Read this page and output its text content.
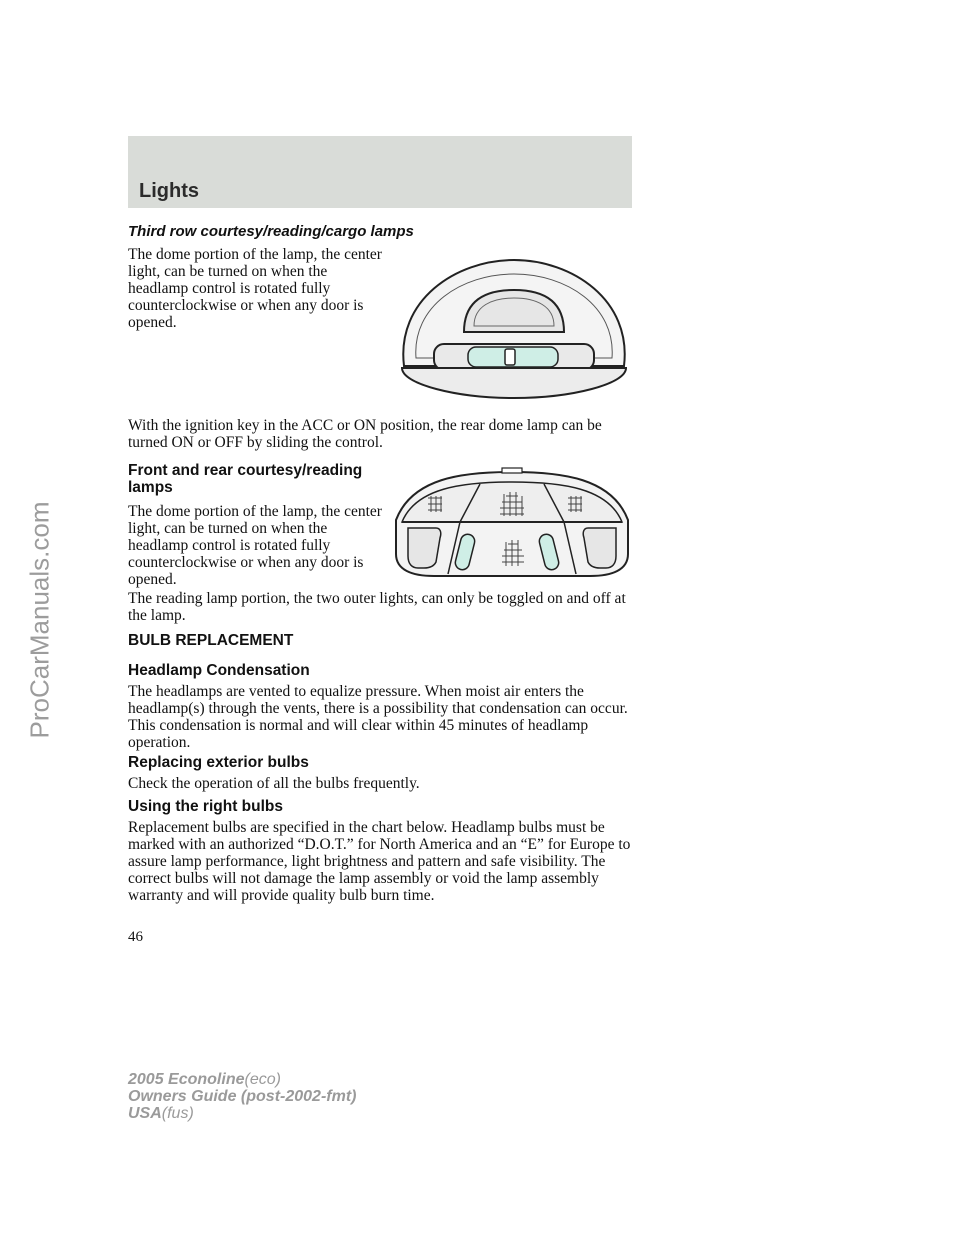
Lights
Third row courtesy/reading/cargo lamps

The dome portion of the lamp, the center light, can be turned on when the headlamp control is rotated fully counterclockwise or when any door is opened.

With the ignition key in the ACC or ON position, the rear dome lamp can be turned ON or OFF by sliding the control.

Front and rear courtesy/reading lamps

The dome portion of the lamp, the center light, can be turned on when the headlamp control is rotated fully counterclockwise or when any door is opened.

The reading lamp portion, the two outer lights, can only be toggled on and off at the lamp.

BULB REPLACEMENT
Headlamp Condensation

The headlamps are vented to equalize pressure. When moist air enters the headlamp(s) through the vents, there is a possibility that condensation can occur. This condensation is normal and will clear within 45 minutes of headlamp operation.

Replacing exterior bulbs

Check the operation of all the bulbs frequently.

Using the right bulbs

Replacement bulbs are specified in the chart below. Headlamp bulbs must be marked with an authorized “D.O.T.” for North America and an “E” for Europe to assure lamp performance, light brightness and pattern and safe visibility. The correct bulbs will not damage the lamp assembly or void the lamp assembly warranty and will provide quality bulb burn time.

46
2005 Econoline(eco)
Owners Guide (post-2002-fmt)
USA(fus)
ProCarManuals.com
